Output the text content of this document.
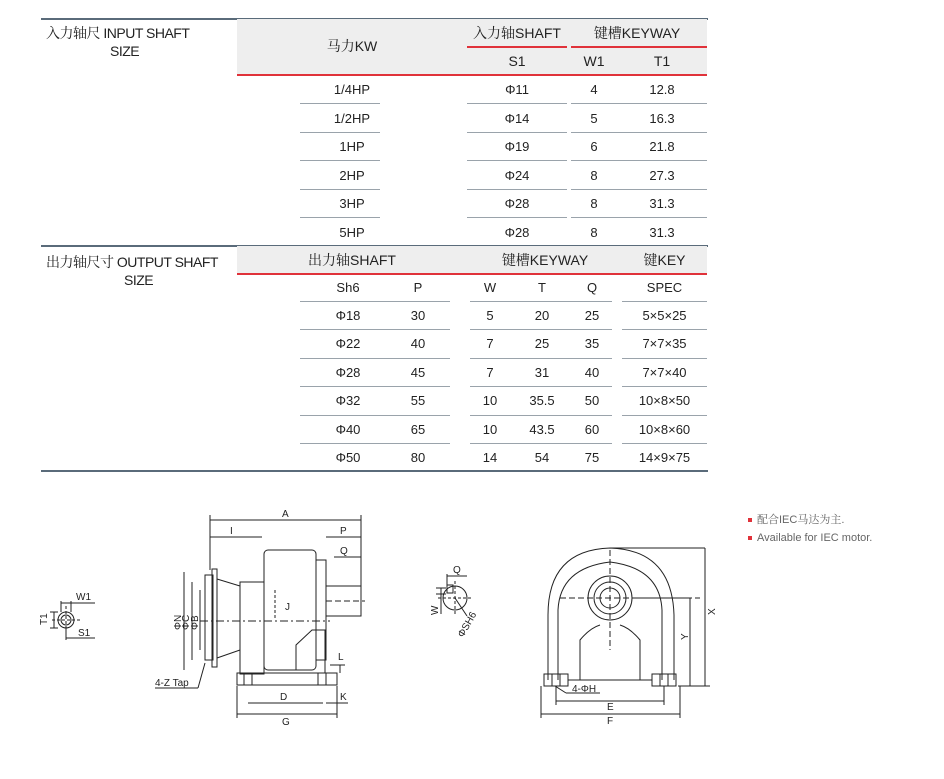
入力轴尺 INPUT SHAFT
SIZE	马力KW
入力轴SHAFT	键槽KEYWAY
S1	W1	T1
1/4HP	Φ11	4	12.8
1/2HP	Φ14	5	16.3
1HP	Φ19	6	21.8
2HP	Φ24	8	27.3
3HP	Φ28	8	31.3
5HP	Φ28	8	31.3
出力轴尺寸 OUTPUT SHAFT
SIZE
出力轴SHAFT	键槽KEYWAY	键KEY
Sh6	P	W	T	Q	SPEC
Φ18	30	5	20	25	5×5×25
Φ22	40	7	25	35	7×7×35
Φ28	45	7	31	40	7×7×40
Φ32	55	10	35.5	50	10×8×50
Φ40	65	10	43.5	60	10×8×60
Φ50	80	14	54	75	14×9×75
配合IEC马达为主.
Available for IEC motor.
W1
T1
S1
A
I	P
Q
J
L
ΦN
ΦC
ΦB
4-Z Tap
D
G
K
Q
W ΦSH6	X
Y
4-ΦH
E
F
